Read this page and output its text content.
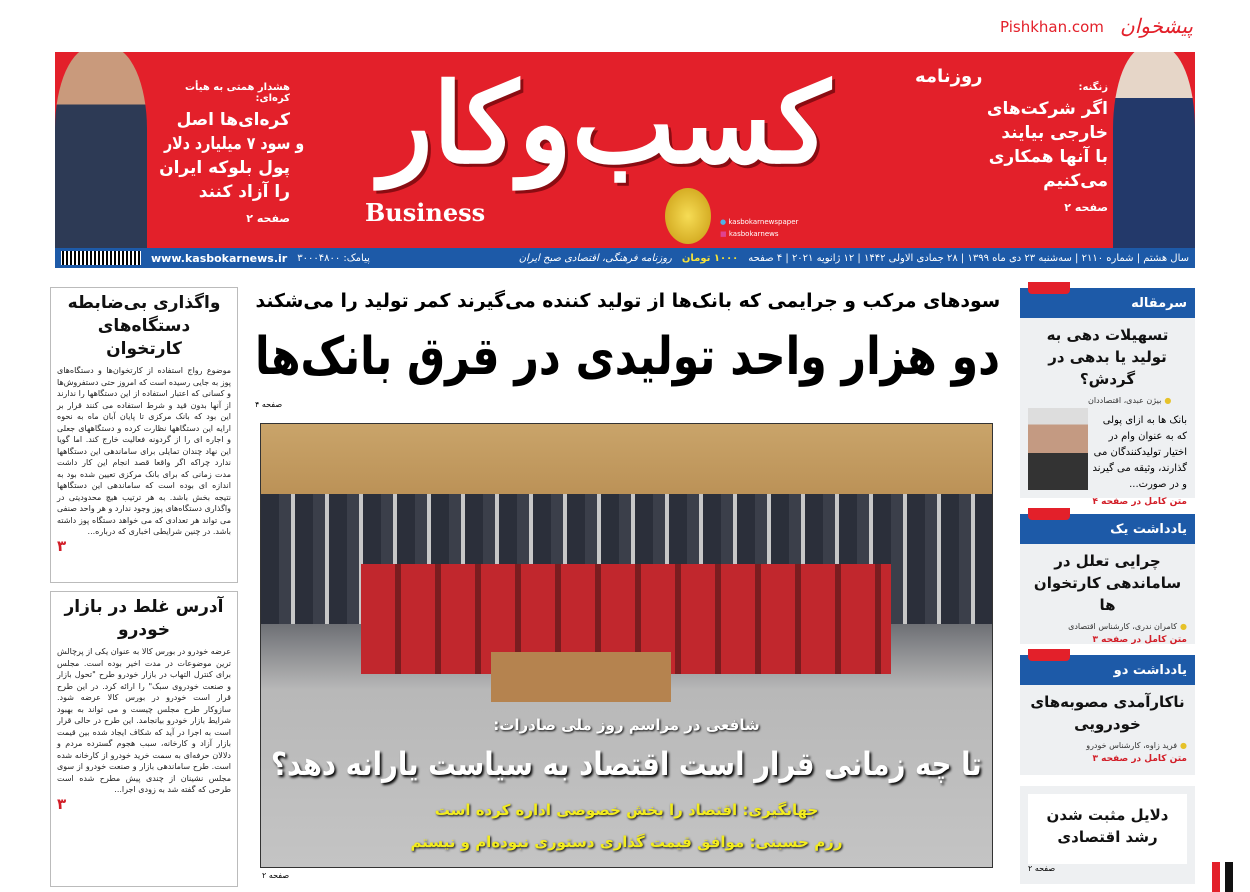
هشدار همتی به هیأت کره‌ای:
کره‌ای‌ها اصل
و سود ۷ میلیارد دلار
پول بلوکه ایران
را آزاد کنند
صفحه ۲
زنگنه:
اگر شرکت‌های
خارجی بیایند
با آنها همکاری
می‌کنیم
صفحه ۲
کسب‌وکار	روزنامه
Business	● kasbokarnewspaper
■ kasbokarnews
سال هشتم | شماره ۲۱۱۰ | سه‌شنبه ۲۳ دی ماه ۱۳۹۹ | ۲۸ جمادی الاولی ۱۴۴۲ | ۱۲ ژانویه ۲۰۲۱ | ۴ صفحه
۱۰۰۰ تومان
روزنامه فرهنگی، اقتصادی صبح ایران
پیامک: ۳۰۰۰۴۸۰۰
www.kasbokarnews.ir
واگذاری بی‌ضابطه دستگاه‌های کارتخوان
موضوع رواج استفاده از کارتخوان‌ها و دستگاه‌های پوز به جایی رسیده است که امروز حتی دستفروش‌ها و کسانی که اعتبار استفاده از این دستگاهها را ندارند از آنها بدون قید و شرط استفاده می کنند قرار بر این بود که بانک مرکزی تا پایان آبان ماه به نحوه ارایه این دستگاهها نظارت کرده و دستگاههای جعلی و اجاره ای را از گردونه فعالیت خارج کند. اما گویا این نهاد چندان تمایلی برای ساماندهی این دستگاهها ندارد چراکه اگر واقعا قصد انجام این کار داشت مدت زمانی که برای بانک مرکزی تعیین شده بود به اندازه ای بوده است که ساماندهی این دستگاهها نتیجه بخش باشد. به هر ترتیب هیچ محدودیتی در واگذاری دستگاه‌های پوز وجود ندارد و هر واحد صنفی می تواند هر تعدادی که می خواهد دستگاه پوز داشته باشد. در چنین شرایطی اخباری که درباره...
۳
آدرس غلط در بازار خودرو
عرضه خودرو در بورس کالا به عنوان یکی از پرچالش ترین موضوعات در مدت اخیر بوده است. مجلس برای کنترل التهاب در بازار خودرو طرح "تحول بازار و صنعت خودروی سبک" را ارائه کرد. در این طرح قرار است خودرو در بورس کالا عرضه شود. سازوکار طرح مجلس چیست و می تواند به بهبود شرایط بازار خودرو بیانجامد. این طرح در حالی قرار است به اجرا در آید که شکاف ایجاد شده بین قیمت بازار آزاد و کارخانه، سبب هجوم گسترده مردم و دلالان حرفه‌ای به سمت خرید خودرو از کارخانه شده است. طرح ساماندهی بازار و صنعت خودرو از سوی مجلس نشینان از چندی پیش مطرح شده است طرحی که گفته شد به زودی اجرا...
۳
سودهای مرکب و جرایمی که بانک‌ها از تولید کننده می‌گیرند کمر تولید را می‌شکند
دو هزار واحد تولیدی در قرق بانک‌ها
صفحه ۴
شافعی در مراسم روز ملی صادرات:
تا چه زمانی قرار است اقتصاد به سیاست یارانه دهد؟
جهانگیری: اقتصاد را بخش خصوصی اداره کرده است
رزم حسینی: موافق قیمت گذاری دستوری نبوده‌ام و نیستم
صفحه ۲
سرمقاله
تسهیلات دهی به تولید یا بدهی در گردش؟
● بیژن عبدی، اقتصاددان
بانک ها به ازای پولی که به عنوان وام در اختیار تولیدکنندگان می گذارند، وثیقه می گیرند و در صورت...
متن کامل در صفحه ۴
یادداشت یک
چرایی تعلل در ساماندهی کارتخوان ها
● کامران ندری، کارشناس اقتصادی
متن کامل در صفحه ۳
یادداشت دو
ناکارآمدی مصوبه‌های خودرویی
● فرید زاوه، کارشناس خودرو
متن کامل در صفحه ۳
دلایل مثبت شدن رشد اقتصادی
صفحه ۲
Pishkhan.com پیشخوان
